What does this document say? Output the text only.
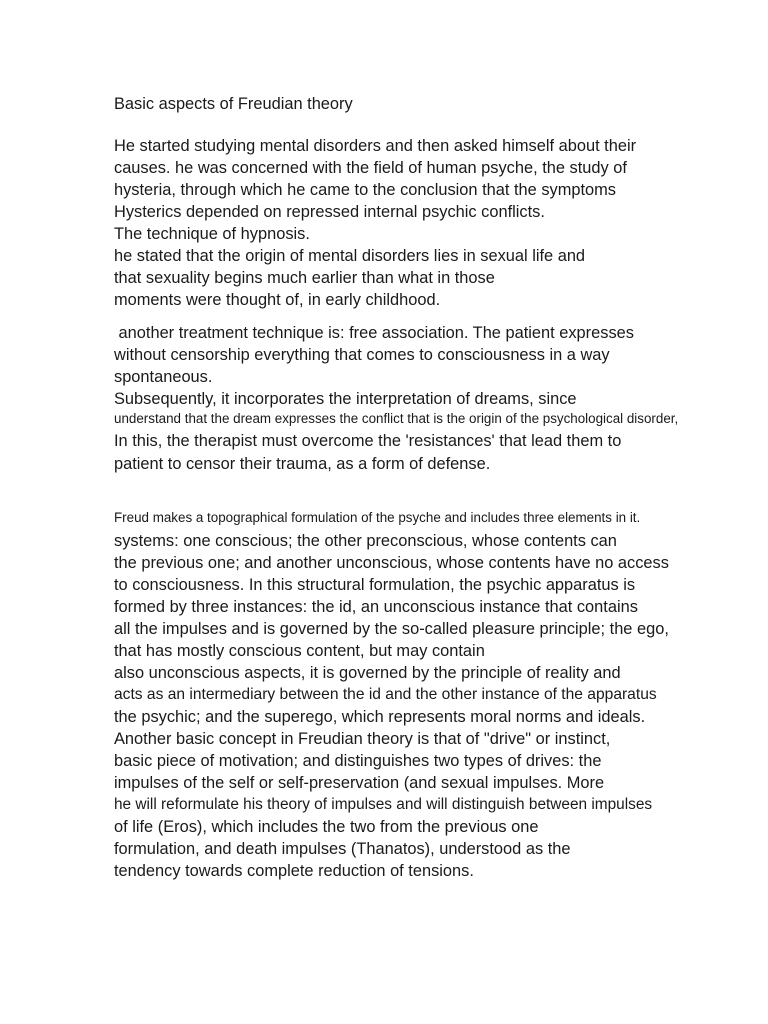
Basic aspects of Freudian theory
He started studying mental disorders and then asked himself about their
causes. he was concerned with the field of human psyche, the study of
hysteria, through which he came to the conclusion that the symptoms
Hysterics depended on repressed internal psychic conflicts.
The technique of hypnosis.
he stated that the origin of mental disorders lies in sexual life and
that sexuality begins much earlier than what in those
moments were thought of, in early childhood.
another treatment technique is: free association. The patient expresses
without censorship everything that comes to consciousness in a way
spontaneous.
Subsequently, it incorporates the interpretation of dreams, since
understand that the dream expresses the conflict that is the origin of the psychological disorder,
In this, the therapist must overcome the 'resistances' that lead them to
patient to censor their trauma, as a form of defense.
Freud makes a topographical formulation of the psyche and includes three elements in it.
systems: one conscious; the other preconscious, whose contents can
the previous one; and another unconscious, whose contents have no access
to consciousness. In this structural formulation, the psychic apparatus is
formed by three instances: the id, an unconscious instance that contains
all the impulses and is governed by the so-called pleasure principle; the ego,
that has mostly conscious content, but may contain
also unconscious aspects, it is governed by the principle of reality and
acts as an intermediary between the id and the other instance of the apparatus
the psychic; and the superego, which represents moral norms and ideals.
Another basic concept in Freudian theory is that of "drive" or instinct,
basic piece of motivation; and distinguishes two types of drives: the
impulses of the self or self-preservation (and sexual impulses. More
he will reformulate his theory of impulses and will distinguish between impulses
of life (Eros), which includes the two from the previous one
formulation, and death impulses (Thanatos), understood as the
tendency towards complete reduction of tensions.
